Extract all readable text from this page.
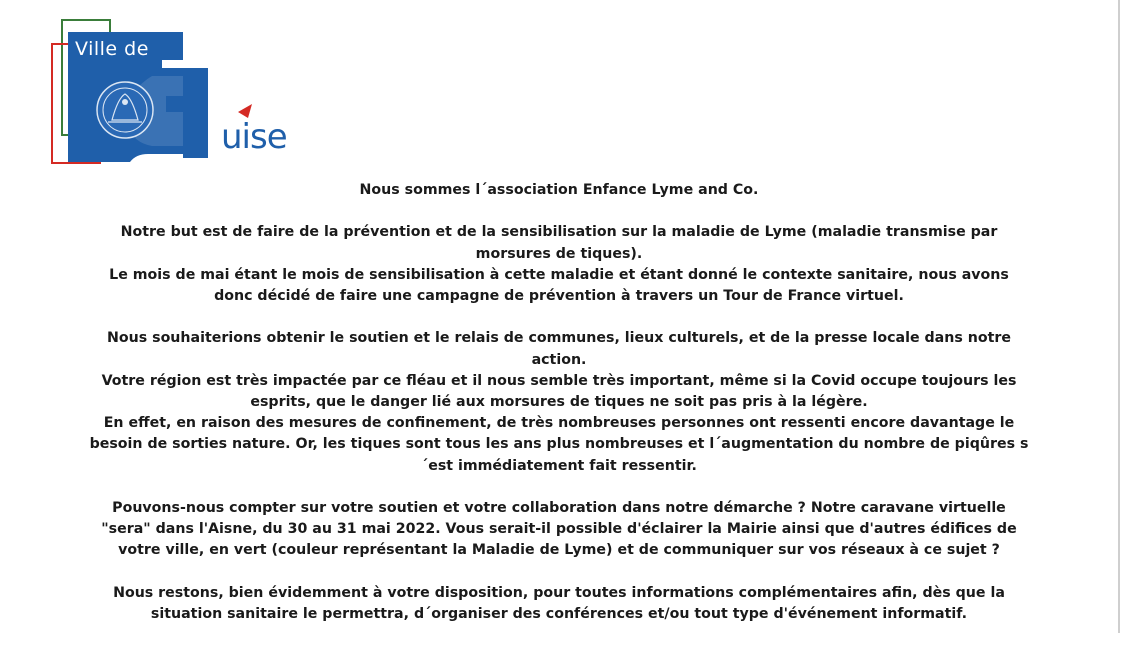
Ville de
uise

Nous sommes l´association Enfance Lyme and Co.

Notre but est de faire de la prévention et de la sensibilisation sur la maladie de Lyme (maladie transmise par morsures de tiques).
Le mois de mai étant le mois de sensibilisation à cette maladie et étant donné le contexte sanitaire, nous avons donc décidé de faire une campagne de prévention à travers un Tour de France virtuel.

Nous souhaiterions obtenir le soutien et le relais de communes, lieux culturels, et de la presse locale dans notre action.
Votre région est très impactée par ce fléau et il nous semble très important, même si la Covid occupe toujours les esprits, que le danger lié aux morsures de tiques ne soit pas pris à la légère.
En effet, en raison des mesures de confinement, de très nombreuses personnes ont ressenti encore davantage le besoin de sorties nature. Or, les tiques sont tous les ans plus nombreuses et l´augmentation du nombre de piqûres s´est immédiatement fait ressentir.

Pouvons-nous compter sur votre soutien et votre collaboration dans notre démarche ? Notre caravane virtuelle "sera" dans l'Aisne, du 30 au 31 mai 2022. Vous serait-il possible d'éclairer la Mairie ainsi que d'autres édifices de votre ville, en vert (couleur représentant la Maladie de Lyme) et de communiquer sur vos réseaux à ce sujet ?

Nous restons, bien évidemment à votre disposition, pour toutes informations complémentaires afin, dès que la situation sanitaire le permettra, d´organiser des conférences et/ou tout type d'événement informatif.
